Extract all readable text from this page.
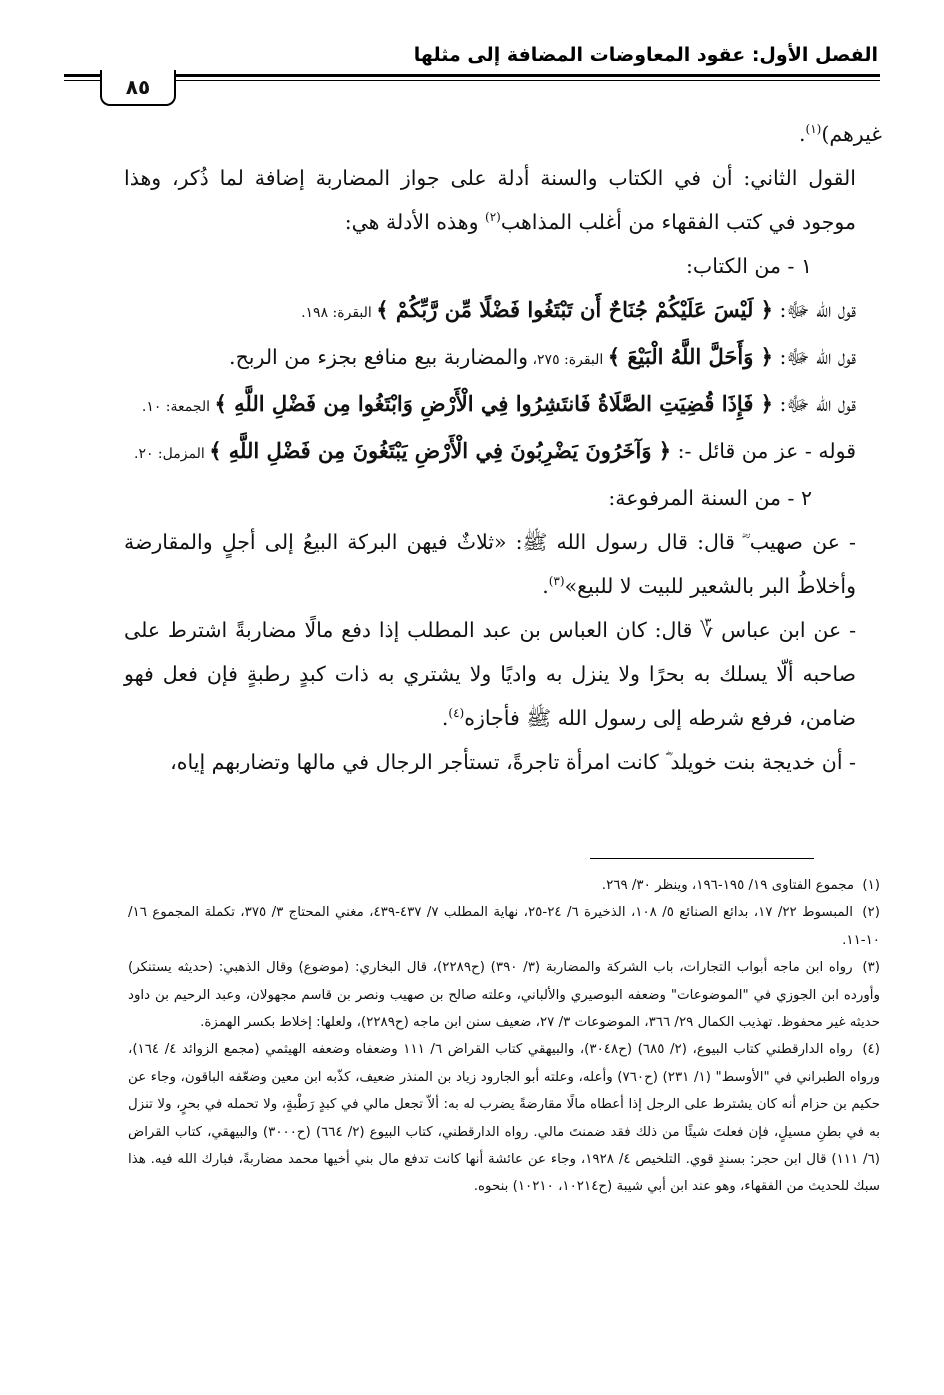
الفصل الأول: عقود المعاوضات المضافة إلى مثلها
٨٥

غيرهم)$^{(١)}$.

القول الثاني: أن في الكتاب والسنة أدلة على جواز المضاربة إضافة لما ذُكر، وهذا موجود في كتب الفقهاء من أغلب المذاهب$^{(٢)}$ وهذه الأدلة هي:

١ - من الكتاب:

قول الله ﷻ: ﴿ لَيْسَ عَلَيْكُمْ جُنَاحٌ أَن تَبْتَغُوا فَضْلًا مِّن رَّبِّكُمْ ﴾ البقرة: ١٩٨.

قول الله ﷻ: ﴿ وَأَحَلَّ اللَّهُ الْبَيْعَ ﴾ البقرة: ٢٧٥، والمضاربة بيع منافع بجزء من الربح.

قول الله ﷻ: ﴿ فَإِذَا قُضِيَتِ الصَّلَاةُ فَانتَشِرُوا فِي الْأَرْضِ وَابْتَغُوا مِن فَضْلِ اللَّهِ ﴾ الجمعة: ١٠.

قوله - عز من قائل -: ﴿ وَآخَرُونَ يَضْرِبُونَ فِي الْأَرْضِ يَبْتَغُونَ مِن فَضْلِ اللَّهِ ﴾ المزمل: ٢٠.

٢ - من السنة المرفوعة:

- عن صهيب ؓ قال: قال رسول الله ﷺ: «ثلاثٌ فيهن البركة البيعُ إلى أجلٍ والمقارضة وأخلاطُ البر بالشعير للبيت لا للبيع»$^{(٣)}$.

- عن ابن عباس ؆ قال: كان العباس بن عبد المطلب إذا دفع مالًا مضاربةً اشترط على صاحبه ألّا يسلك به بحرًا ولا ينزل به واديًا ولا يشتري به ذات كبدٍ رطبةٍ فإن فعل فهو ضامن، فرفع شرطه إلى رسول الله ﷺ فأجازه$^{(٤)}$.

- أن خديجة بنت خويلد ؓ كانت امرأة تاجرةً، تستأجر الرجال في مالها وتضاربهم إياه،

(١) مجموع الفتاوى ١٩/ ١٩٥-١٩٦، وينظر ٣٠/ ٢٦٩.

(٢) المبسوط ٢٢/ ١٧، بدائع الصنائع ٥/ ١٠٨، الذخيرة ٦/ ٢٤-٢٥، نهاية المطلب ٧/ ٤٣٧-٤٣٩، مغني المحتاج ٣/ ٣٧٥، تكملة المجموع ١٦/ ١٠-١١.

(٣) رواه ابن ماجه أبواب التجارات، باب الشركة والمضاربة (٣/ ٣٩٠) (ح٢٢٨٩)، قال البخاري: (موضوع) وقال الذهبي: (حديثه يستنكر) وأورده ابن الجوزي في "الموضوعات" وضعفه البوصيري والألباني، وعلته صالح بن صهيب ونصر بن قاسم مجهولان، وعبد الرحيم بن داود حديثه غير محفوظ. تهذيب الكمال ٢٩/ ٣٦٦، الموضوعات ٣/ ٢٧، ضعيف سنن ابن ماجه (ح٢٢٨٩)، ولعلها: إخلاط بكسر الهمزة.

(٤) رواه الدارقطني كتاب البيوع، (٢/ ٦٨٥) (ح٣٠٤٨)، والبيهقي كتاب القراض ٦/ ١١١ وضعفاه وضعفه الهيثمي (مجمع الزوائد ٤/ ١٦٤)، ورواه الطبراني في "الأوسط" (١/ ٢٣١) (ح٧٦٠) وأعله، وعلته أبو الجارود زياد بن المنذر ضعيف، كذّبه ابن معين وضعّفه الباقون، وجاء عن حكيم بن حزام أنه كان يشترط على الرجل إذا أعطاه مالًا مقارضةً يضرب له به: ألاّ تجعل مالي في كبدٍ رَطْبةٍ، ولا تحمله في بحرٍ، ولا تنزل به في بطنِ مسيلٍ، فإن فعلتَ شيئًا من ذلك فقد ضمنتَ مالي. رواه الدارقطني، كتاب البيوع (٢/ ٦٦٤) (ح٣٠٠٠) والبيهقي، كتاب القراض (٦/ ١١١) قال ابن حجر: بسندٍ قوي. التلخيص ٤/ ١٩٢٨، وجاء عن عائشة أنها كانت تدفع مال بني أخيها محمد مضاربةً، فبارك الله فيه. هذا سبك للحديث من الفقهاء، وهو عند ابن أبي شيبة (ح١٠٢١٤، ١٠٢١٠) بنحوه.
